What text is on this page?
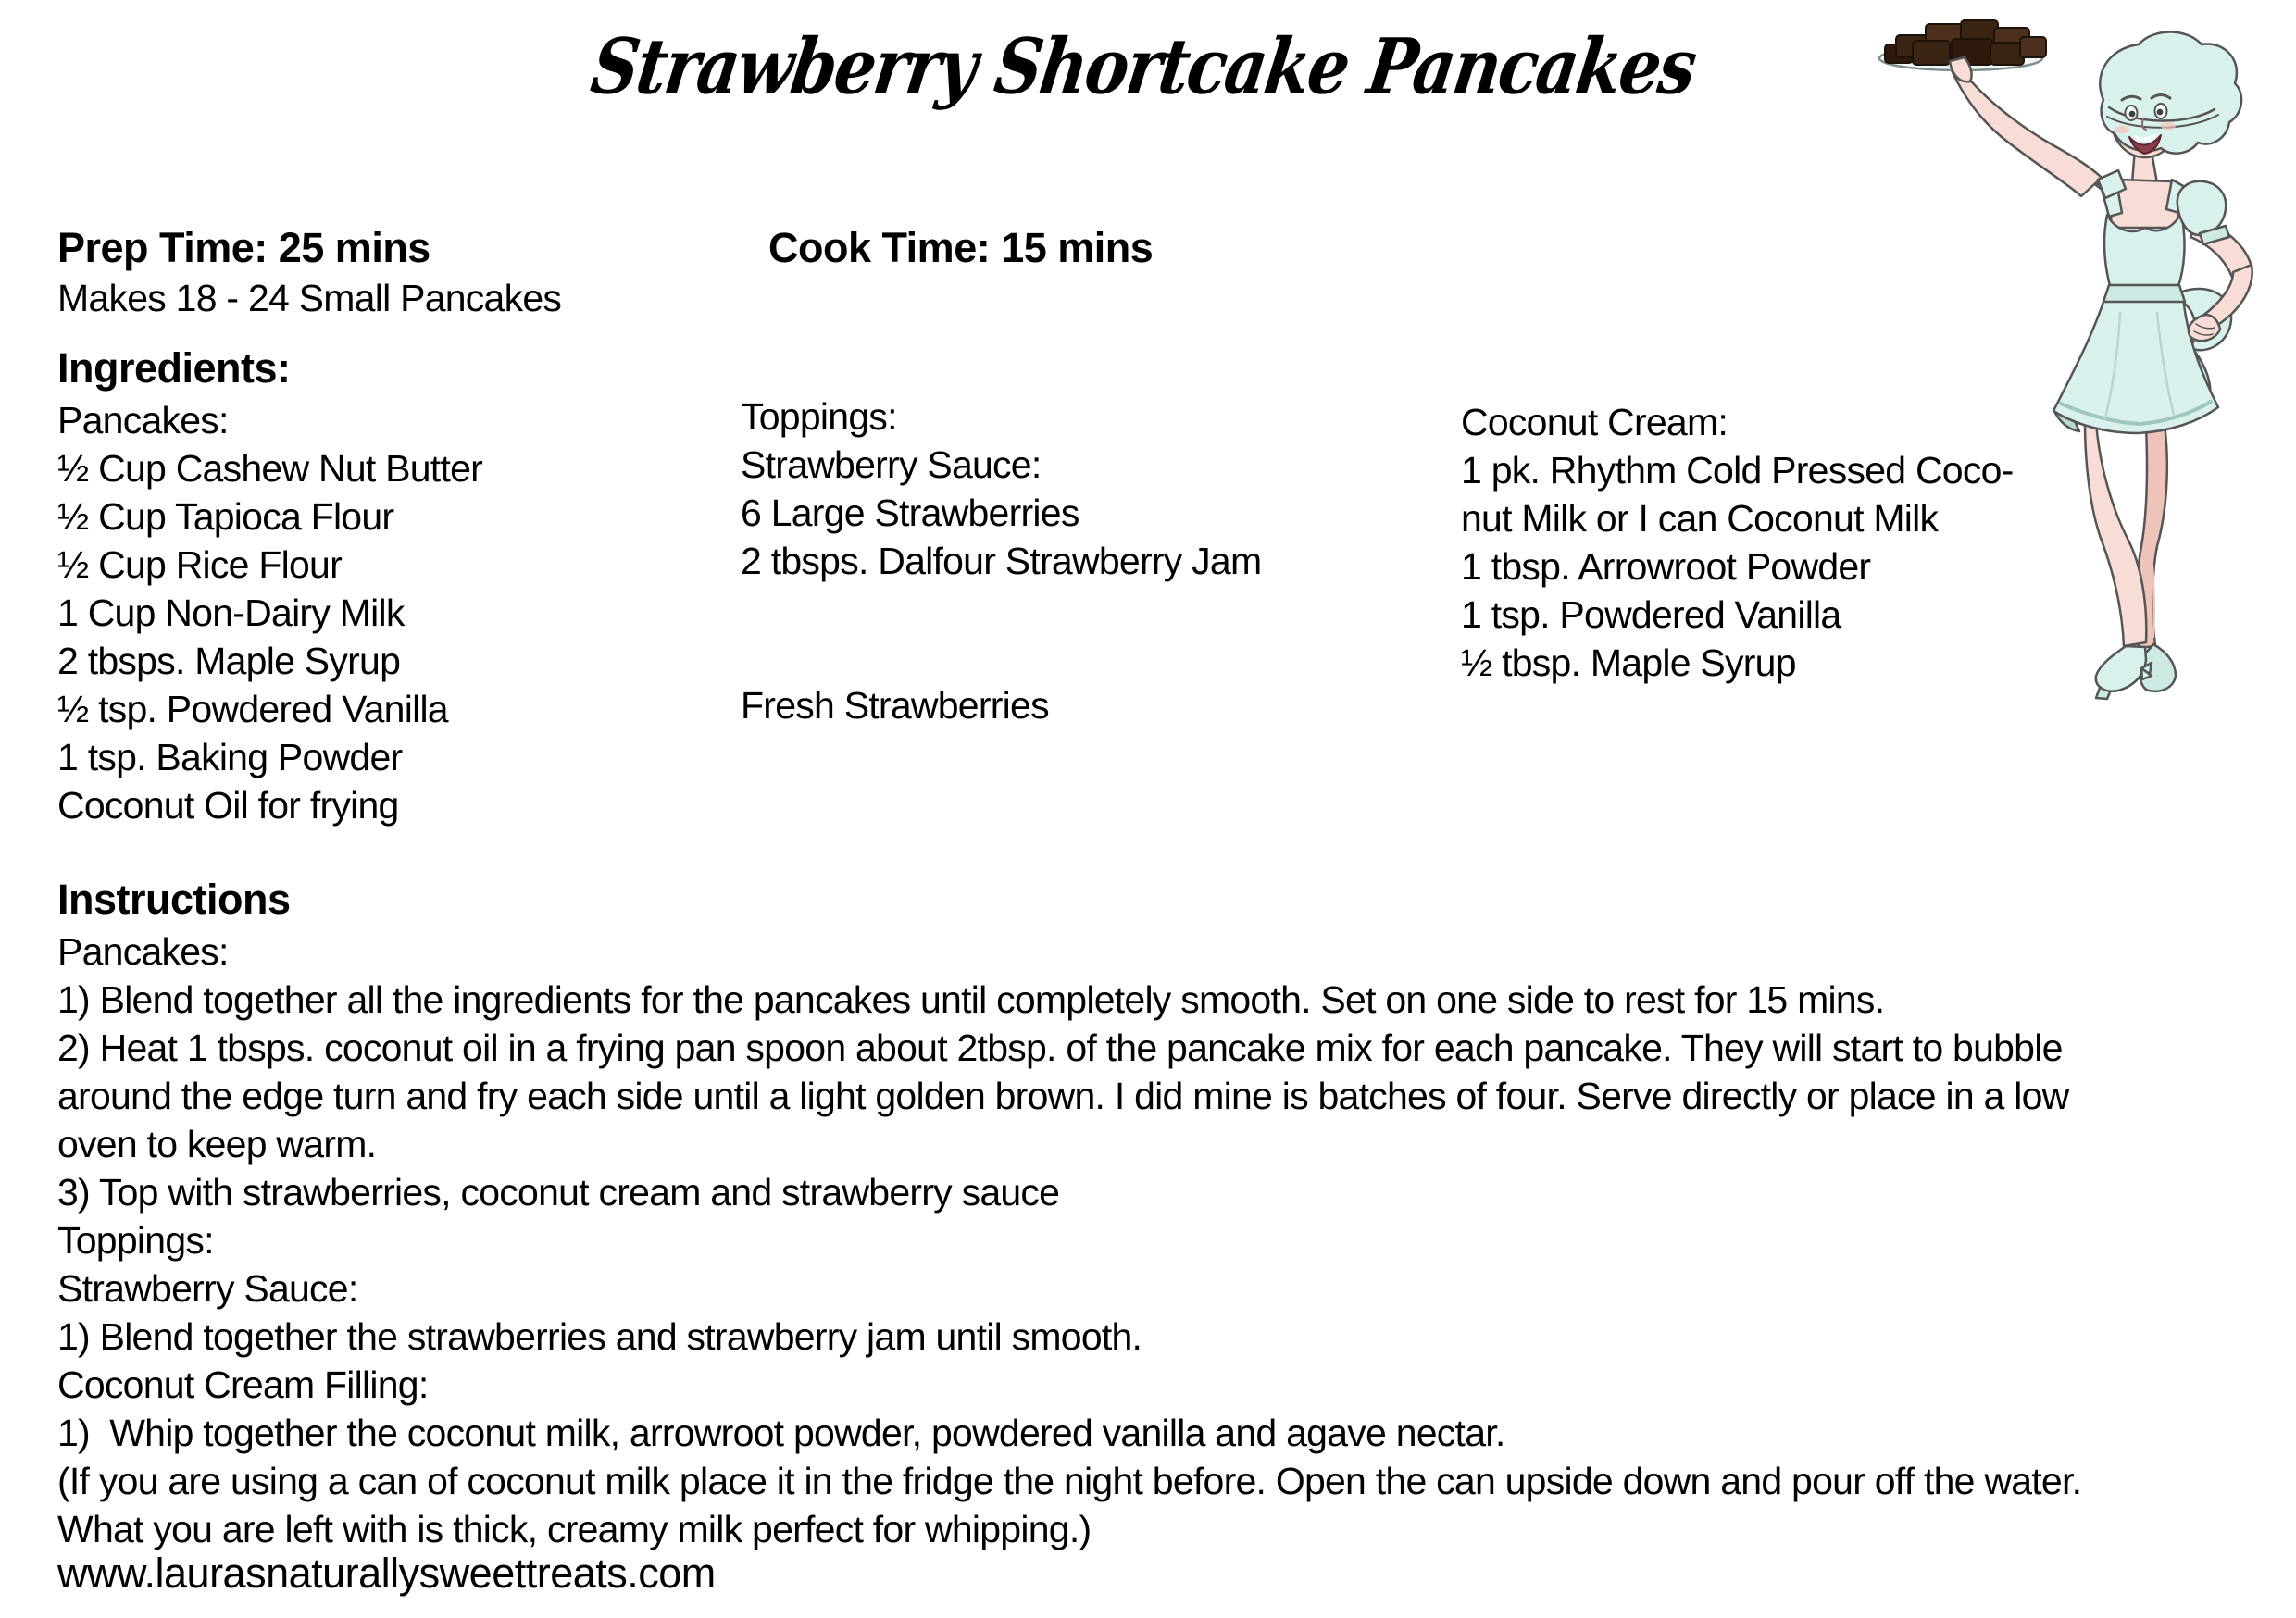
Strawberry Shortcake Pancakes
Prep Time: 25 mins	Cook Time: 15 mins
Makes 18 - 24 Small Pancakes
Ingredients:
Pancakes:
½ Cup Cashew Nut Butter
½ Cup Tapioca Flour
½ Cup Rice Flour
1 Cup Non-Dairy Milk
2 tbsps. Maple Syrup
½ tsp. Powdered Vanilla
1 tsp. Baking Powder
Coconut Oil for frying
Toppings:
Strawberry Sauce:
6 Large Strawberries
2 tbsps. Dalfour Strawberry Jam
Fresh Strawberries
Coconut Cream:
1 pk. Rhythm Cold Pressed Coco-
nut Milk or I can Coconut Milk
1 tbsp. Arrowroot Powder
1 tsp. Powdered Vanilla
½ tbsp. Maple Syrup
Instructions
Pancakes:
1) Blend together all the ingredients for the pancakes until completely smooth. Set on one side to rest for 15 mins.
2) Heat 1 tbsps. coconut oil in a frying pan spoon about 2tbsp. of the pancake mix for each pancake. They will start to bubble
around the edge turn and fry each side until a light golden brown. I did mine is batches of four. Serve directly or place in a low
oven to keep warm.
3) Top with strawberries, coconut cream and strawberry sauce
Toppings:
Strawberry Sauce:
1) Blend together the strawberries and strawberry jam until smooth.
Coconut Cream Filling:
1)  Whip together the coconut milk, arrowroot powder, powdered vanilla and agave nectar.
(If you are using a can of coconut milk place it in the fridge the night before. Open the can upside down and pour off the water.
What you are left with is thick, creamy milk perfect for whipping.)
www.laurasnaturallysweettreats.com
